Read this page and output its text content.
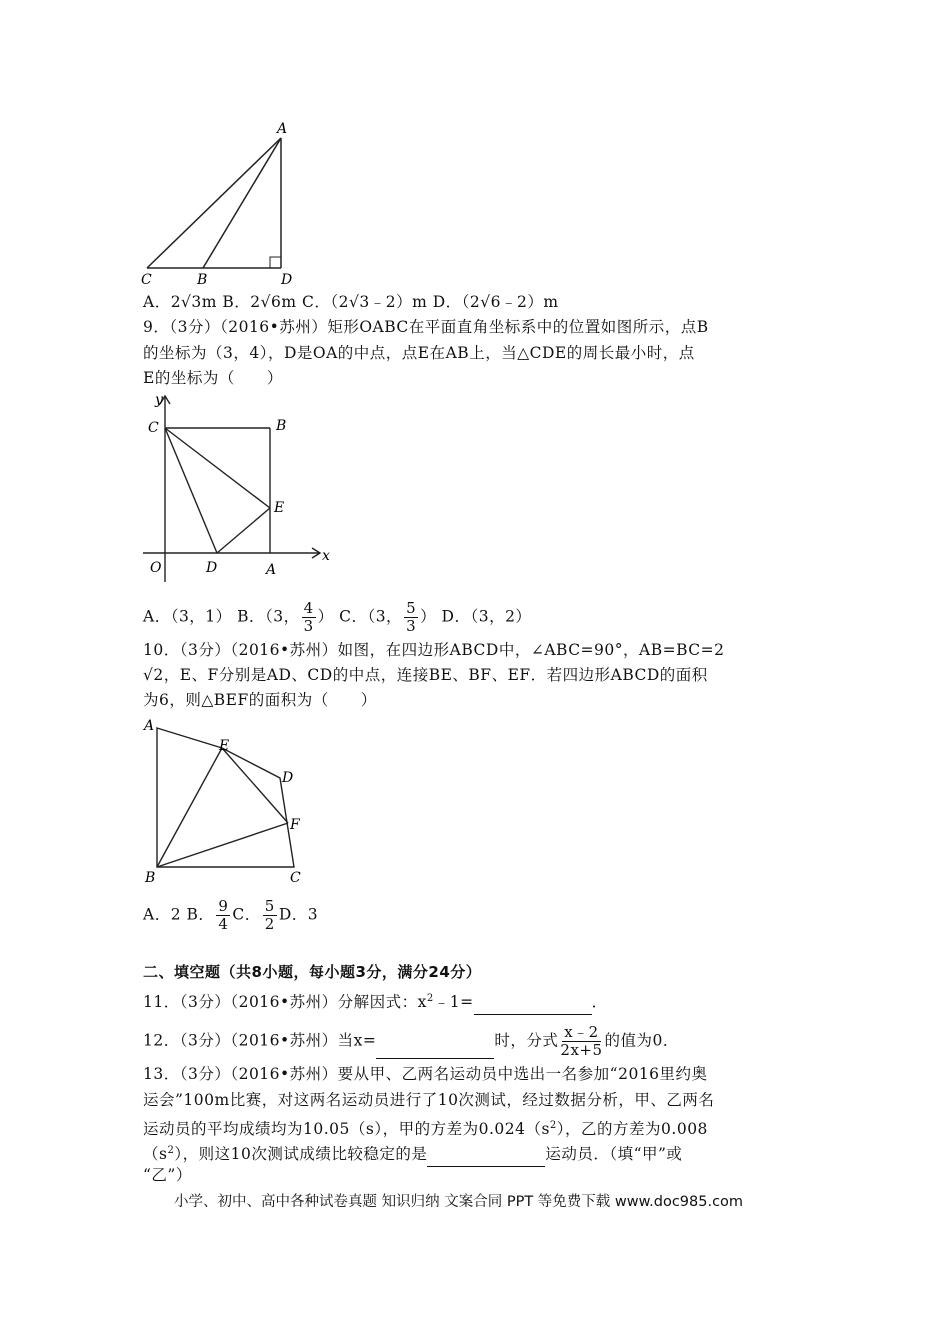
A
C	B	D
A．2√3m B．2√6m C．（2√3﹣2）m D．（2√6﹣2）m
9．（3分）（2016•苏州）矩形OABC在平面直角坐标系中的位置如图所示，点B
的坐标为（3，4），D是OA的中点，点E在AB上，当△CDE的周长最小时，点
E的坐标为（　　）
y
x
C	B
E
O	D	A
A．（3，1） B．（3， $\frac{4}{3}$ ） C．（3， $\frac{5}{3}$ ） D．（3，2）
10．（3分）（2016•苏州）如图，在四边形ABCD中，∠ABC=90°，AB=BC=2
√2，E、F分别是AD、CD的中点，连接BE、BF、EF．若四边形ABCD的面积
为6，则△BEF的面积为（　　）
A
E
D
F
B	C
A．2 B． $\frac{9}{4}$ C． $\frac{5}{2}$ D．3
二、填空题（共8小题，每小题3分，满分24分）
11．（3分）（2016•苏州）分解因式：$x^2﹣1=$	．
12．（3分）（2016•苏州）当x=	时，分式 $\frac{x﹣2}{2x+5}$ 的值为0．
13．（3分）（2016•苏州）要从甲、乙两名运动员中选出一名参加“2016里约奥
运会”100m比赛，对这两名运动员进行了10次测试，经过数据分析，甲、乙两名
运动员的平均成绩均为10.05（s），甲的方差为$0.024(s^2)$，乙的方差为0.008
$(s^2)$，则这10次测试成绩比较稳定的是	运动员．（填“甲”或
“乙”）
小学、初中、高中各种试卷真题 知识归纳 文案合同 PPT 等免费下载 www.doc985.com
